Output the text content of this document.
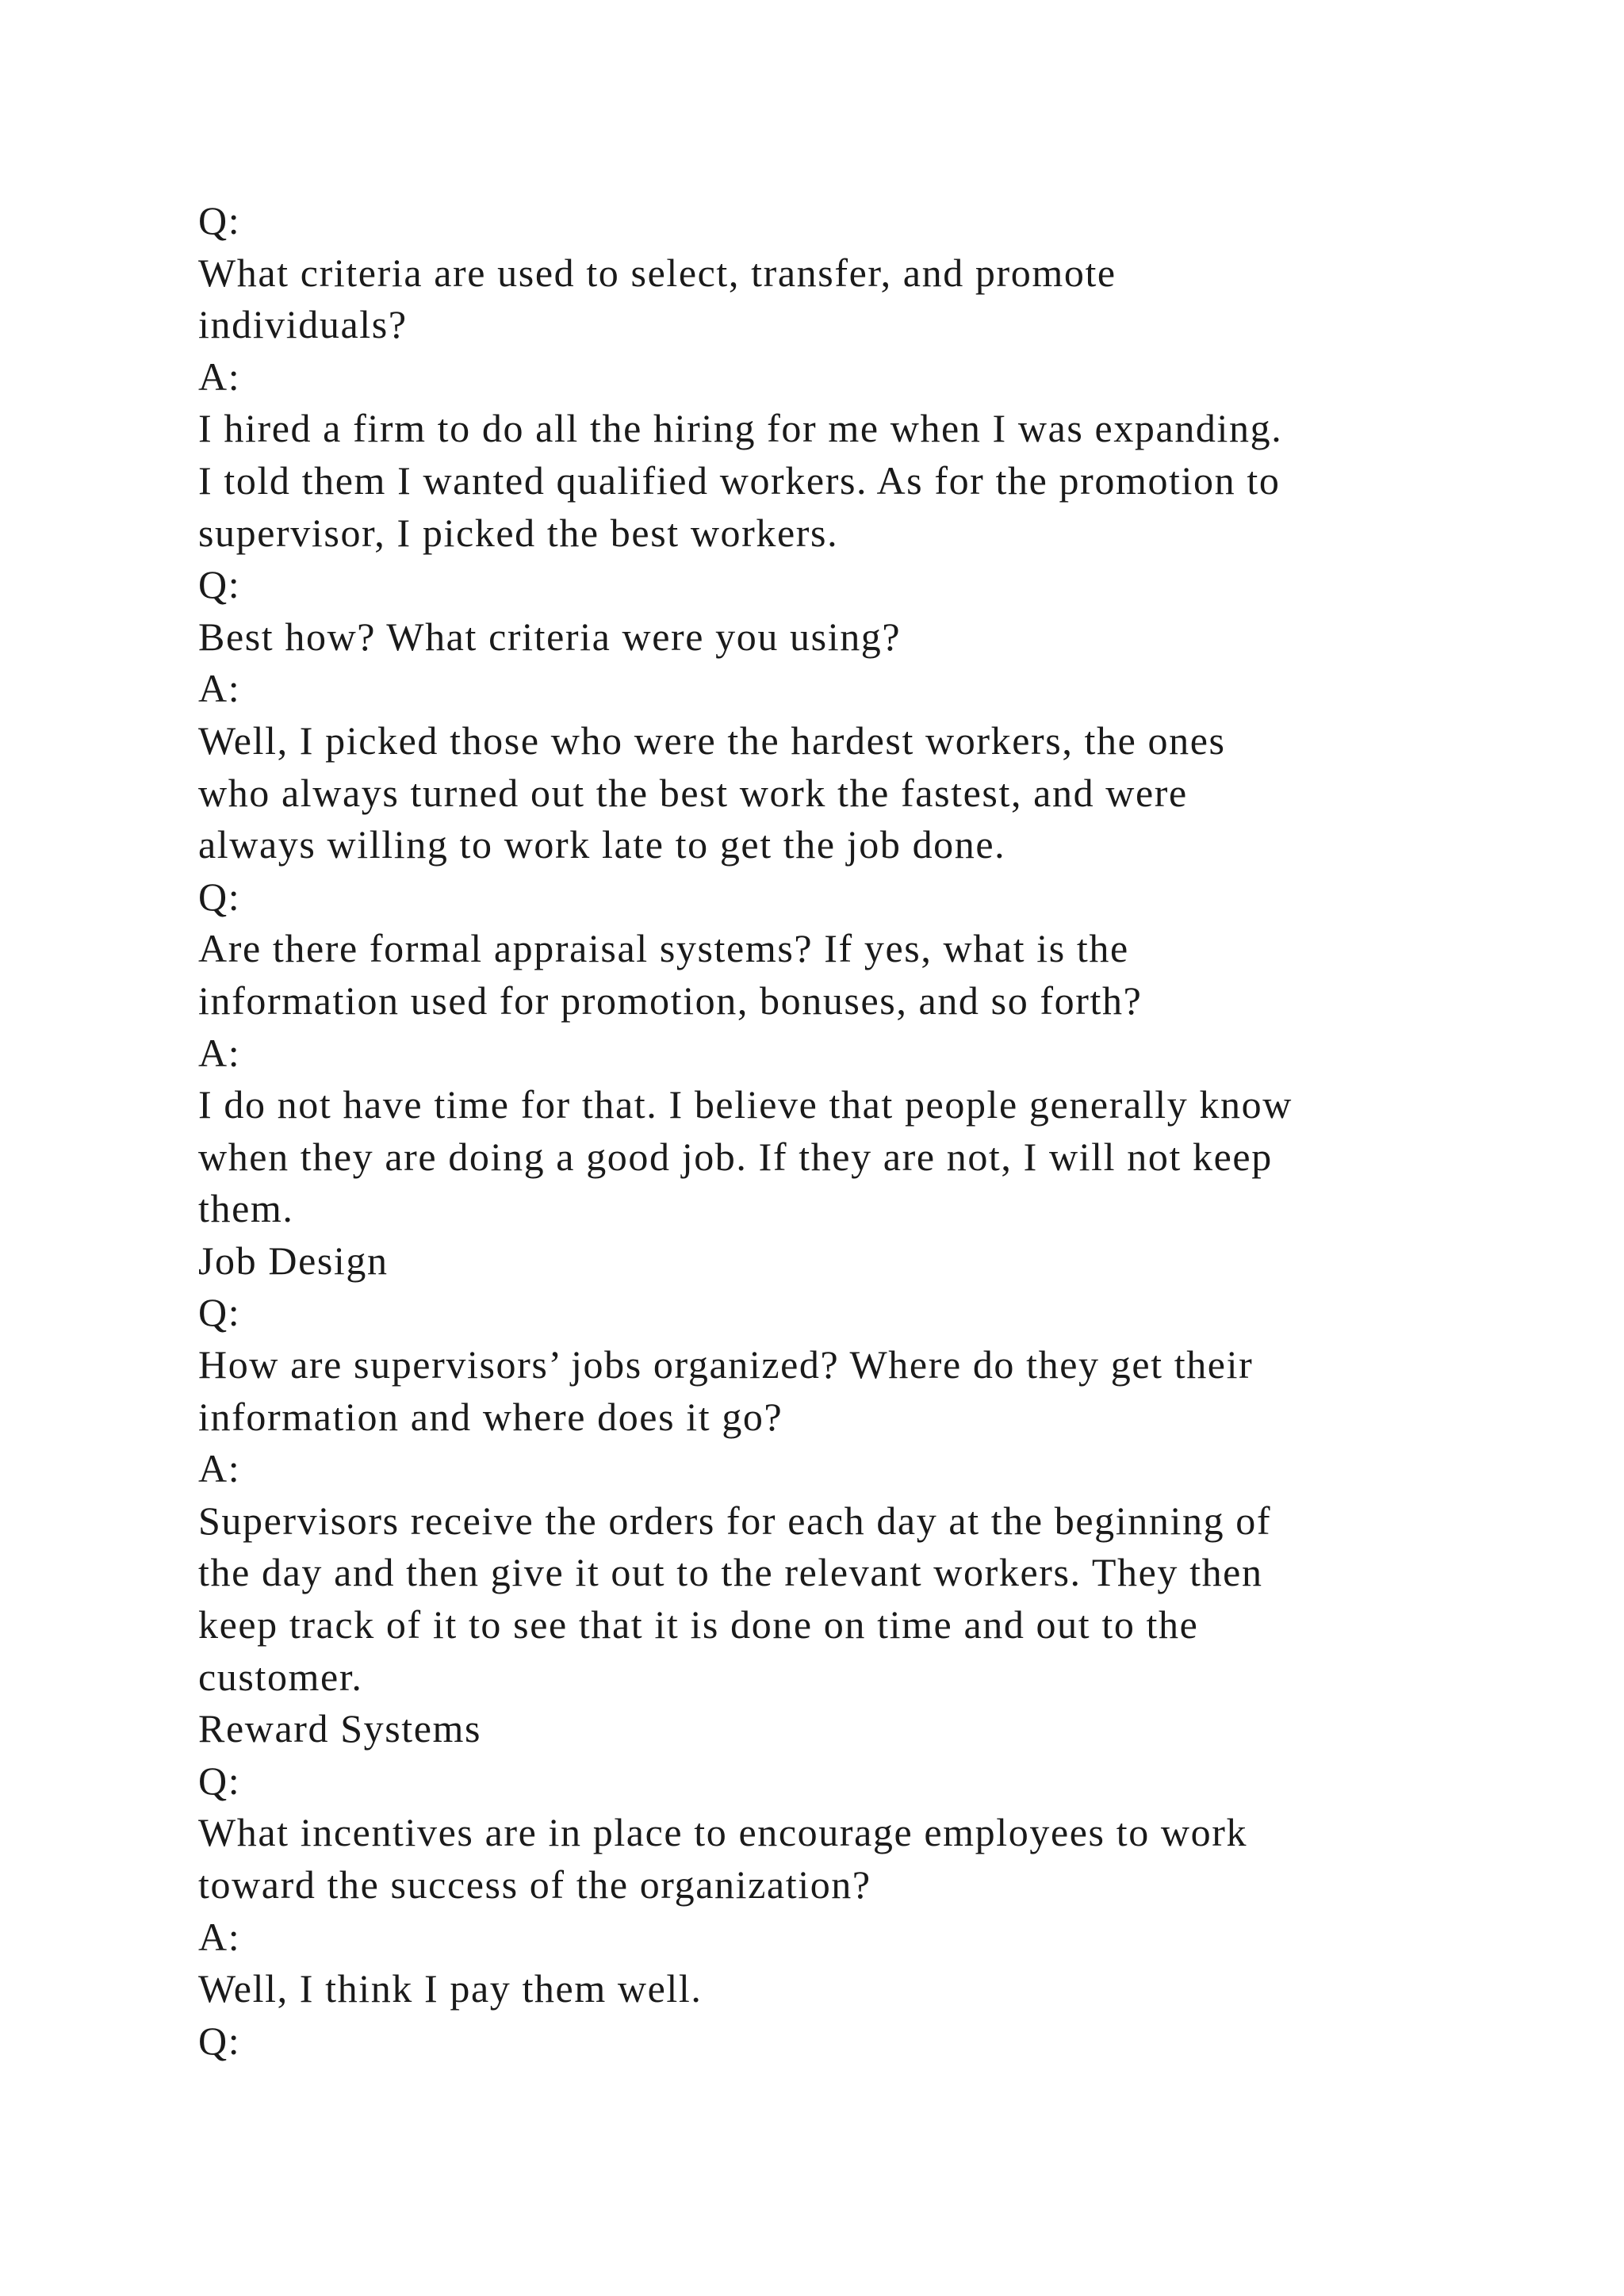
Q:
What criteria are used to select, transfer, and promote
individuals?
A:
I hired a firm to do all the hiring for me when I was expanding.
I told them I wanted qualified workers. As for the promotion to
supervisor, I picked the best workers.
Q:
Best how? What criteria were you using?
A:
Well, I picked those who were the hardest workers, the ones
who always turned out the best work the fastest, and were
always willing to work late to get the job done.
Q:
Are there formal appraisal systems? If yes, what is the
information used for promotion, bonuses, and so forth?
A:
I do not have time for that. I believe that people generally know
when they are doing a good job. If they are not, I will not keep
them.
Job Design
Q:
How are supervisors’ jobs organized? Where do they get their
information and where does it go?
A:
Supervisors receive the orders for each day at the beginning of
the day and then give it out to the relevant workers. They then
keep track of it to see that it is done on time and out to the
customer.
Reward Systems
Q:
What incentives are in place to encourage employees to work
toward the success of the organization?
A:
Well, I think I pay them well.
Q:
